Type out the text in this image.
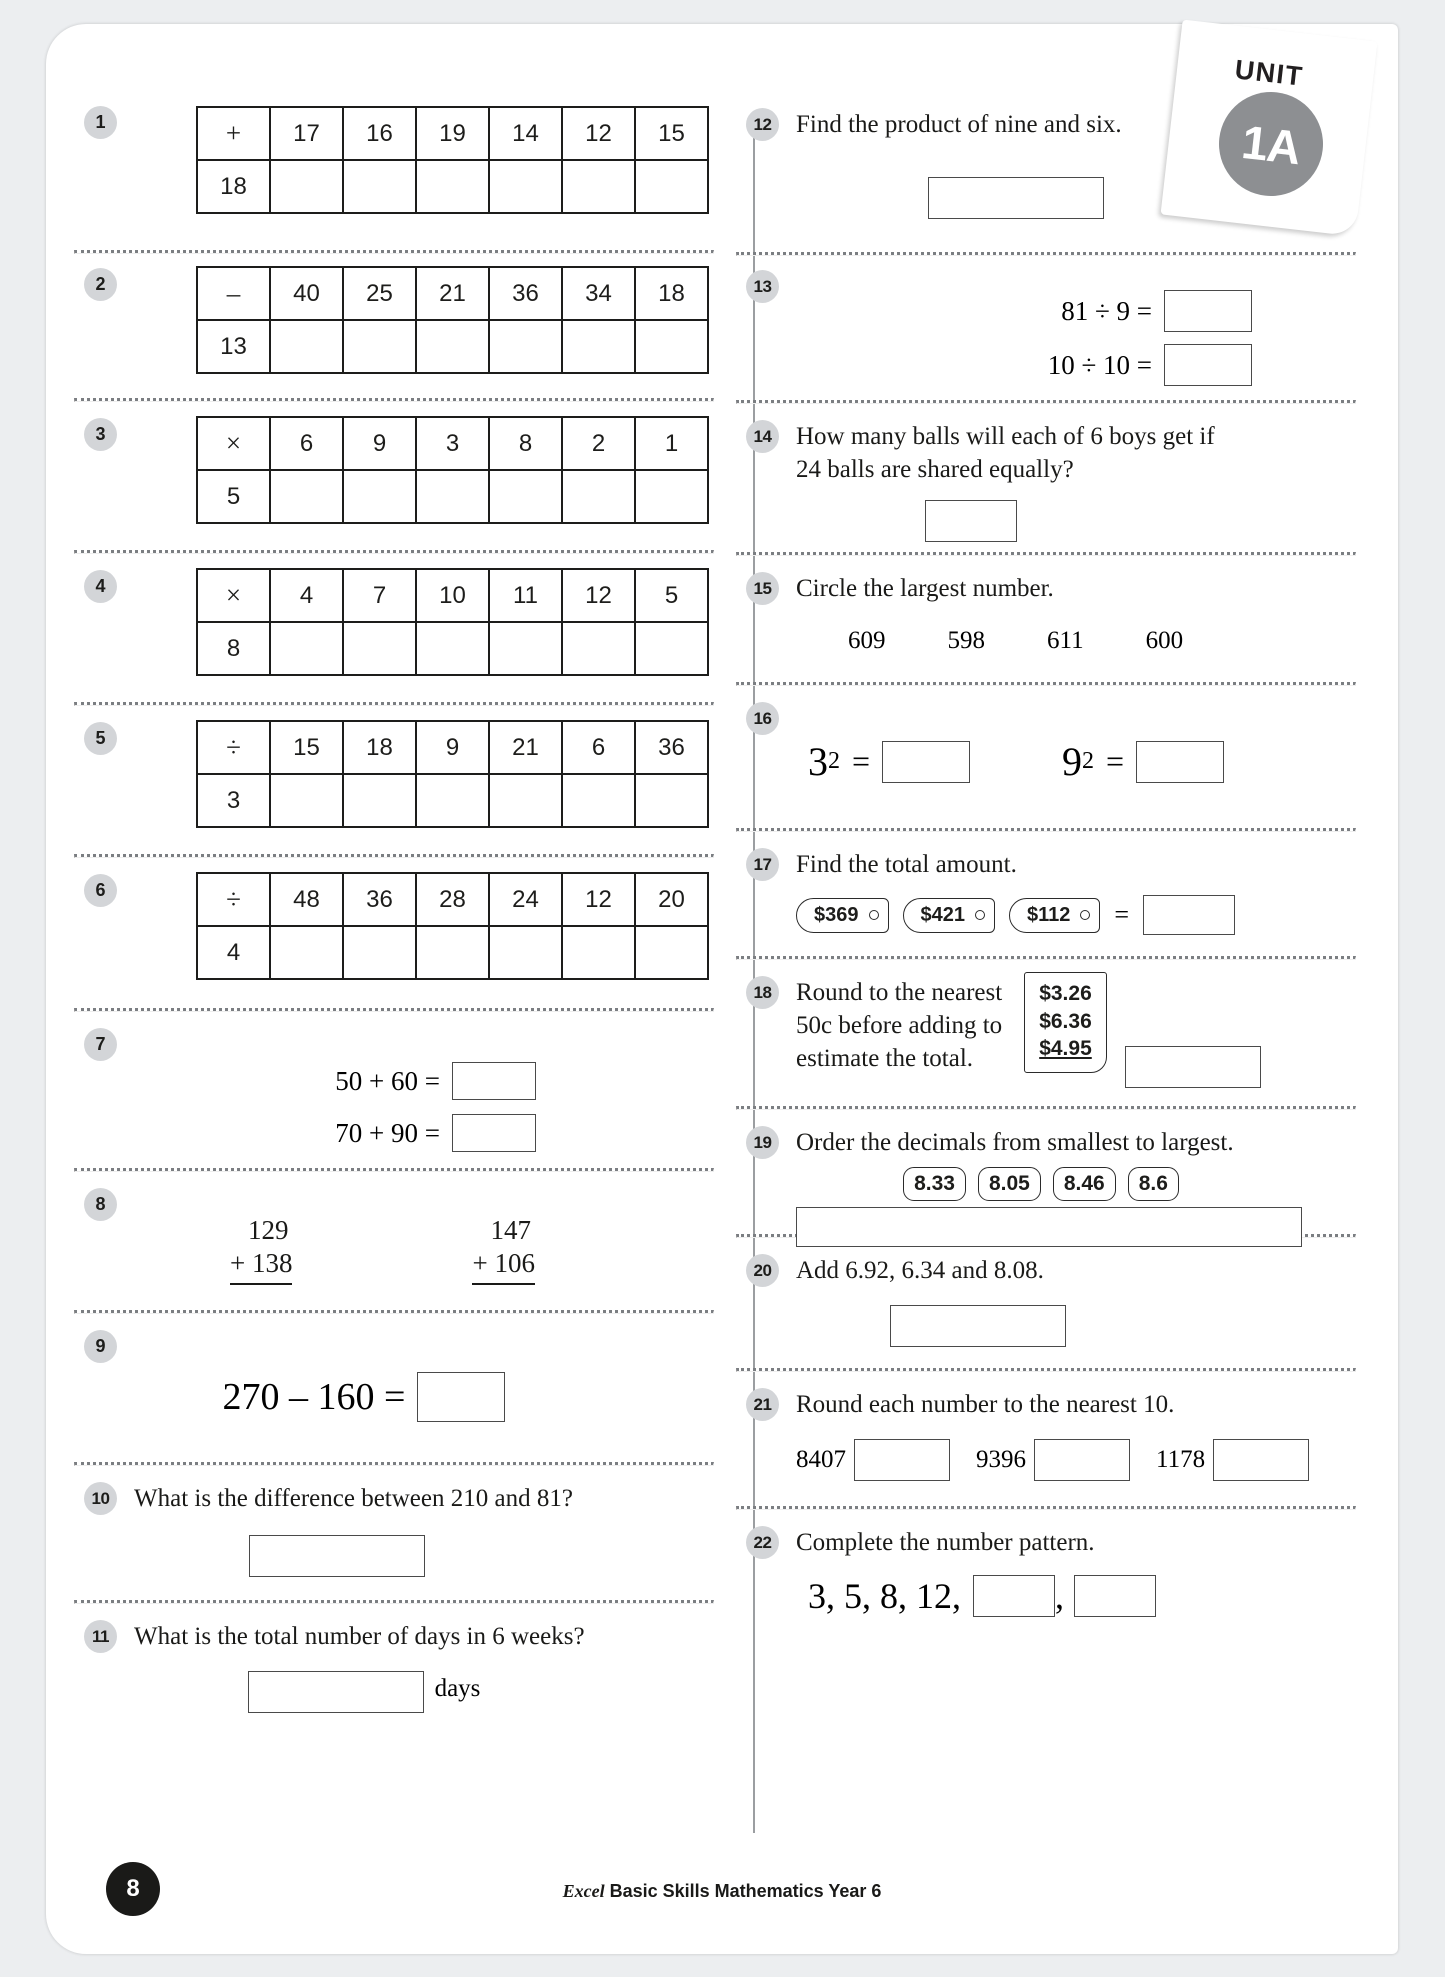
UNIT
1A
1	+	17	16	19	14	12	15
18						
2	–	40	25	21	36	34	18
13						
3	×	6	9	3	8	2	1
5						
4	×	4	7	10	11	12	5
8						
5	÷	15	18	9	21	6	36
3						
6	÷	48	36	28	24	12	20
4						
7
50 + 60 =
70 + 90 =
8
129
+ 138
147
+ 106
9
270 – 160 =
10 What is the difference between 210 and 81?
11	What is the total number of days in 6 weeks?
days
12 Find the product of nine and six.
13
81 ÷ 9 =
10 ÷ 10 =
14 How many balls will each of 6 boys get if
24 balls are shared equally?
15 Circle the largest number.
609 598 611 600
16
3 2 =	9 2 =
17 Find the total amount.
$369	$421	$112 =
18 Round to the nearest
50c before adding to
estimate the total.
$3.26
$6.36
$4.95
19 Order the decimals from smallest to largest.
8.33 8.05 8.46 8.6
20 Add 6.92, 6.34 and 8.08.
21 Round each number to the nearest 10.
8407	9396	1178
22 Complete the number pattern.
3, 5, 8, 12,	,
8	Excel Basic Skills Mathematics Year 6
